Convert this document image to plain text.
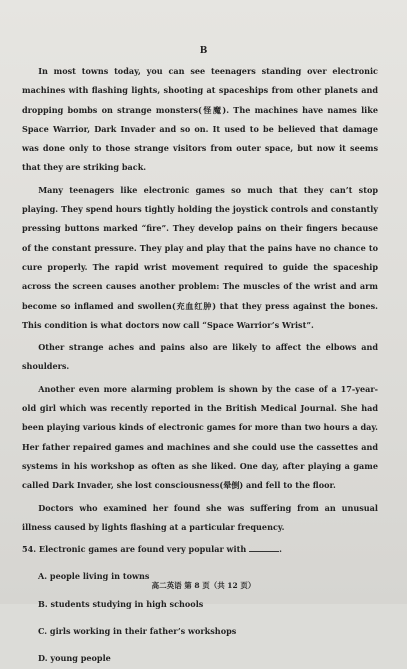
B

In most towns today, you can see teenagers standing over electronic machines with flashing lights, shooting at spaceships from other planets and dropping bombs on strange monsters(怪魔). The machines have names like Space Warrior, Dark Invader and so on. It used to be believed that damage was done only to those strange visitors from outer space, but now it seems that they are striking back.

Many teenagers like electronic games so much that they can’t stop playing. They spend hours tightly holding the joystick controls and constantly pressing buttons marked “fire”. They develop pains on their fingers because of the constant pressure. They play and play that the pains have no chance to cure properly. The rapid wrist movement required to guide the spaceship across the screen causes another problem: The muscles of the wrist and arm become so inflamed and swollen(充血红肿) that they press against the bones. This condition is what doctors now call “Space Warrior’s Wrist”.

Other strange aches and pains also are likely to affect the elbows and shoulders.

Another even more alarming problem is shown by the case of a 17-year-old girl which was recently reported in the British Medical Journal. She had been playing various kinds of electronic games for more than two hours a day. Her father repaired games and machines and she could use the cassettes and systems in his workshop as often as she liked. One day, after playing a game called Dark Invader, she lost consciousness(晕倒) and fell to the floor.

Doctors who examined her found she was suffering from an unusual illness caused by lights flashing at a particular frequency.

54. Electronic games are found very popular with	.
A. people living in towns
B. students studying in high schools
C. girls working in their father’s workshops
D. young people
高二英语 第 8 页（共 12 页）
